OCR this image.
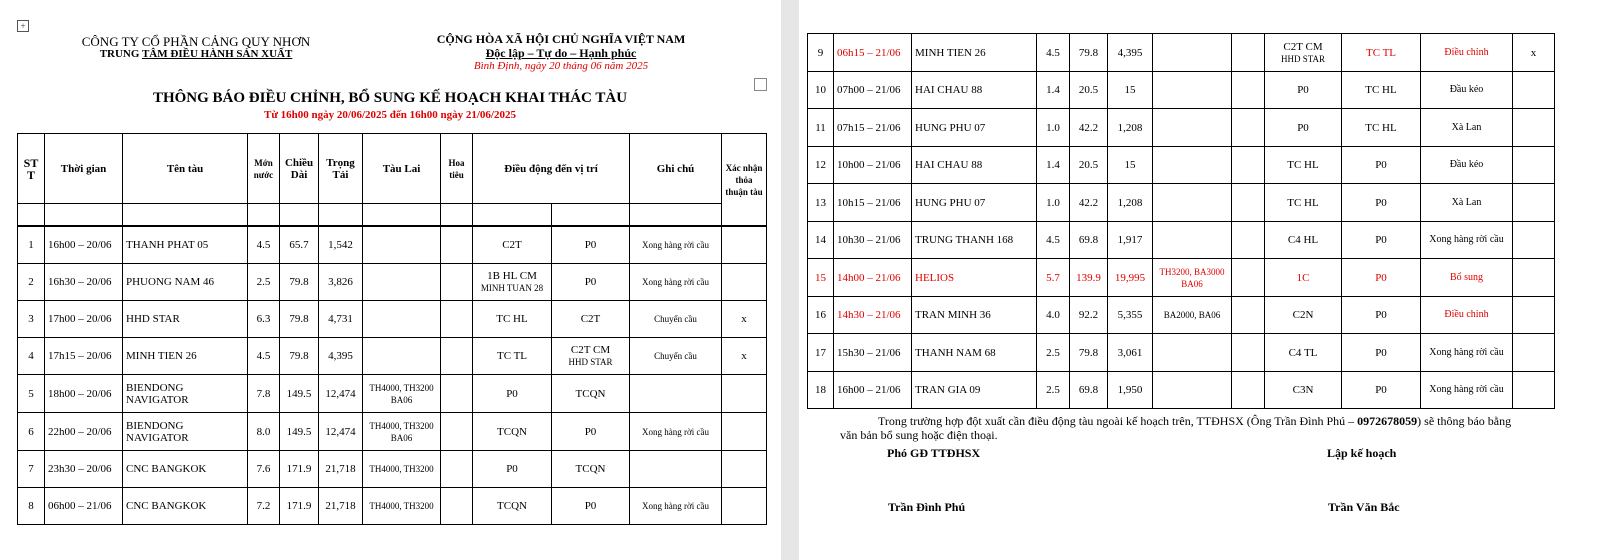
+
CÔNG TY CỔ PHẦN CẢNG QUY NHƠN
TRUNG TÂM ĐIỀU HÀNH SẢN XUẤT
CỘNG HÒA XÃ HỘI CHỦ NGHĨA VIỆT NAM
Độc lập – Tự do – Hạnh phúc
Bình Định, ngày 20 tháng 06 năm 2025
THÔNG BÁO ĐIỀU CHỈNH, BỔ SUNG KẾ HOẠCH KHAI THÁC TÀU
Từ 16h00 ngày 20/06/2025 đến 16h00 ngày 21/06/2025
ST T	Thời gian	Tên tàu	Mớn nước	Chiều Dài	Trọng Tải	Tàu Lai	Hoa tiêu	Điều động đến vị trí		Ghi chú	Xác nhận thỏa thuận tàu

1	16h00 – 20/06	THANH PHAT 05	4.5	65.7	1,542			C2T	P0	Xong hàng rời cầu	
2	16h30 – 20/06	PHUONG NAM 46	2.5	79.8	3,826			1B HL CM
MINH TUAN 28	P0	Xong hàng rời cầu	
3	17h00 – 20/06	HHD STAR	6.3	79.8	4,731			TC HL	C2T	Chuyển cầu	x
4	17h15 – 20/06	MINH TIEN 26	4.5	79.8	4,395			TC TL	C2T CM
HHD STAR	Chuyển cầu	x
5	18h00 – 20/06	BIENDONG NAVIGATOR	7.8	149.5	12,474	TH4000, TH3200 BA06		P0	TCQN		
6	22h00 – 20/06	BIENDONG NAVIGATOR	8.0	149.5	12,474	TH4000, TH3200 BA06		TCQN	P0	Xong hàng rời cầu	
7	23h30 – 20/06	CNC BANGKOK	7.6	171.9	21,718	TH4000, TH3200		P0	TCQN		
8	06h00 – 21/06	CNC BANGKOK	7.2	171.9	21,718	TH4000, TH3200		TCQN	P0	Xong hàng rời cầu	
9	06h15 – 21/06	MINH TIEN 26	4.5	79.8	4,395			C2T CM
HHD STAR	TC TL	Điều chỉnh	x
10	07h00 – 21/06	HAI CHAU 88	1.4	20.5	15			P0	TC HL	Đầu kéo	
11	07h15 – 21/06	HUNG PHU 07	1.0	42.2	1,208			P0	TC HL	Xà Lan	
12	10h00 – 21/06	HAI CHAU 88	1.4	20.5	15			TC HL	P0	Đầu kéo	
13	10h15 – 21/06	HUNG PHU 07	1.0	42.2	1,208			TC HL	P0	Xà Lan	
14	10h30 – 21/06	TRUNG THANH 168	4.5	69.8	1,917			C4 HL	P0	Xong hàng rời cầu	
15	14h00 – 21/06	HELIOS	5.7	139.9	19,995	TH3200, BA3000 BA06		1C	P0	Bổ sung	
16	14h30 – 21/06	TRAN MINH 36	4.0	92.2	5,355	BA2000, BA06		C2N	P0	Điều chỉnh	
17	15h30 – 21/06	THANH NAM 68	2.5	79.8	3,061			C4 TL	P0	Xong hàng rời cầu	
18	16h00 – 21/06	TRAN GIA 09	2.5	69.8	1,950			C3N	P0	Xong hàng rời cầu	
Trong trường hợp đột xuất cần điều động tàu ngoài kế hoạch trên, TTĐHSX (Ông Trần Đình Phú – 0972678059) sẽ thông báo bằng
văn bản bổ sung hoặc điện thoại.
Phó GĐ TTĐHSX	Lập kế hoạch
Trần Đình Phú	Trần Văn Bắc
